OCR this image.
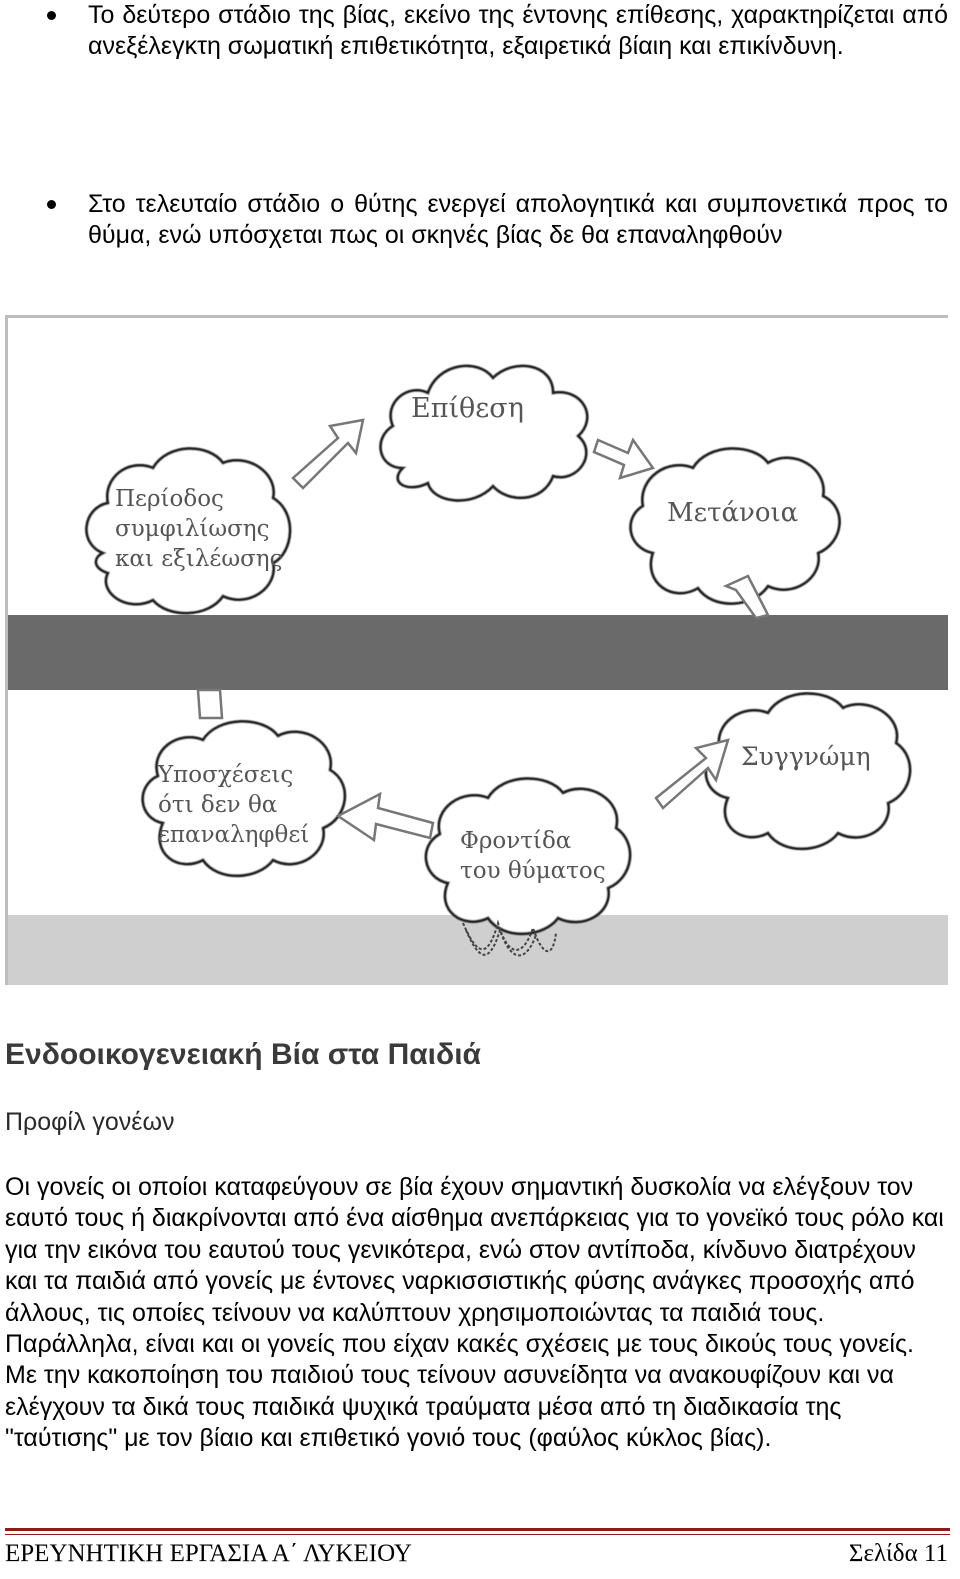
Το δεύτερο στάδιο της βίας, εκείνο της έντονης επίθεσης, χαρακτηρίζεται από ανεξέλεγκτη σωματική επιθετικότητα, εξαιρετικά βίαιη και επικίνδυνη.
Στο τελευταίο στάδιο ο θύτης ενεργεί απολογητικά και συμπονετικά προς το θύμα, ενώ υπόσχεται πως οι σκηνές βίας δε θα επαναληφθούν
Επίθεση
Μετάνοια
Περίοδος
συμφιλίωσης
και εξιλέωσης
Συγγνώμη
Υποσχέσεις
ότι δεν θα
επαναληφθεί	Φροντίδα
του θύματος
Ενδοοικογενειακή Βία στα Παιδιά
Προφίλ γονέων
Οι γονείς οι οποίοι καταφεύγουν σε βία έχουν σημαντική δυσκολία να ελέγξουν τον εαυτό τους ή διακρίνονται από ένα αίσθημα ανεπάρκειας για το γονεϊκό τους ρόλο και για την εικόνα του εαυτού τους γενικότερα, ενώ στον αντίποδα, κίνδυνο διατρέχουν και τα παιδιά από γονείς με έντονες ναρκισσιστικής φύσης ανάγκες προσοχής από άλλους, τις οποίες τείνουν να καλύπτουν χρησιμοποιώντας τα παιδιά τους. Παράλληλα, είναι και οι γονείς που είχαν κακές σχέσεις με τους δικούς τους γονείς. Με την κακοποίηση του παιδιού τους τείνουν ασυνείδητα να ανακουφίζουν και να ελέγχουν τα δικά τους παιδικά ψυχικά τραύματα μέσα από τη διαδικασία της "ταύτισης" με τον βίαιο και επιθετικό γονιό τους (φαύλος κύκλος βίας).
ΕΡΕΥΝΗΤΙΚΗ ΕΡΓΑΣΙΑ Α΄ ΛΥΚΕΙΟΥ	Σελίδα 11
